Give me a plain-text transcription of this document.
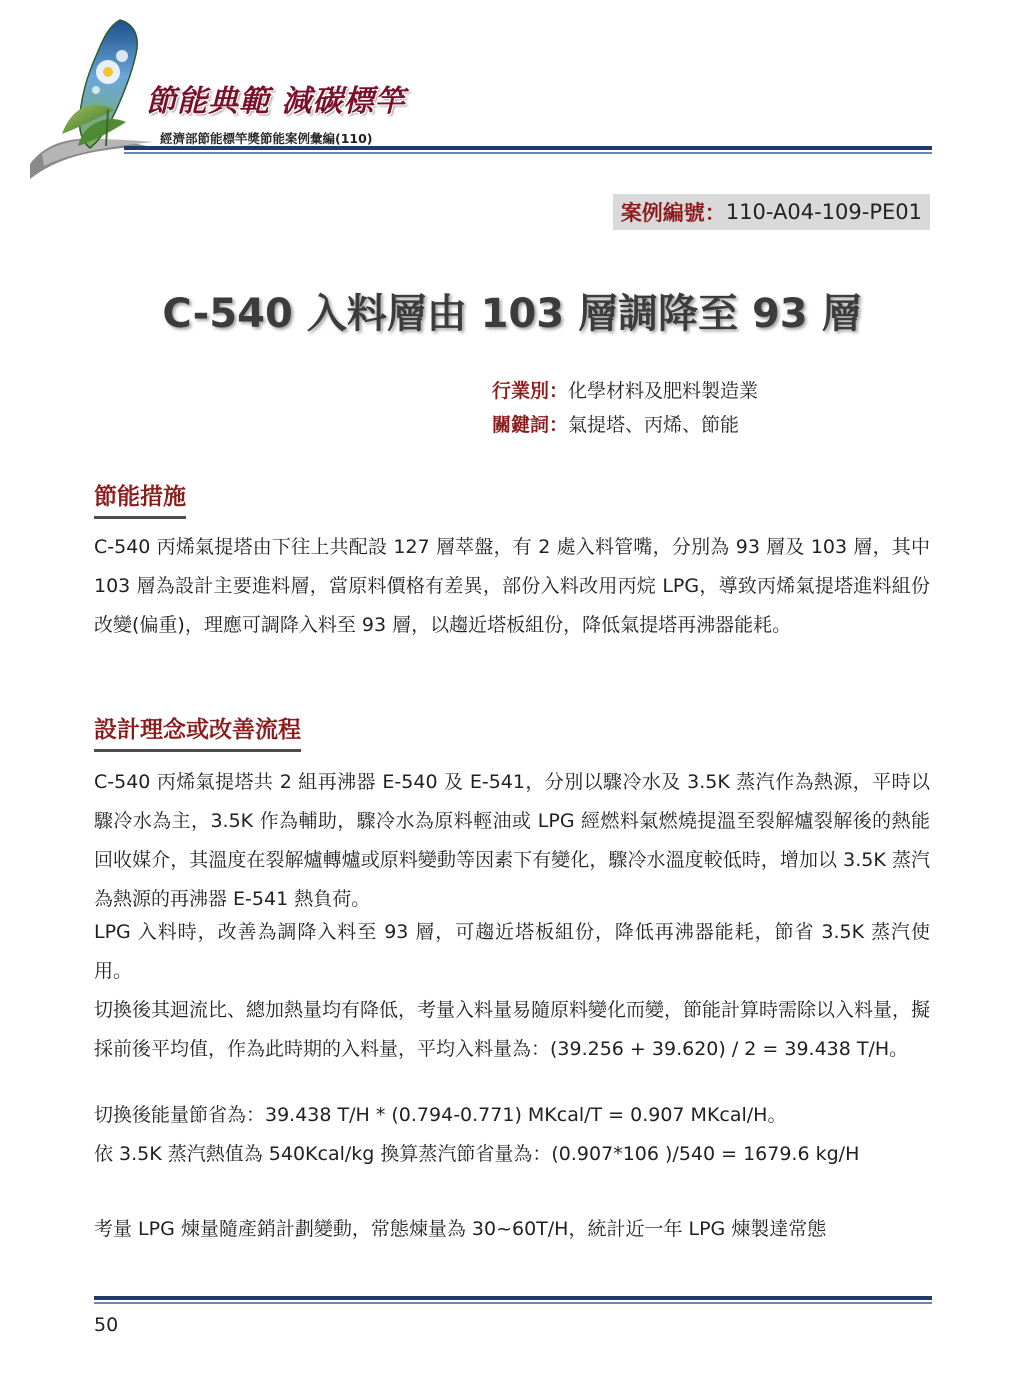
節能典範 減碳標竿
經濟部節能標竿獎節能案例彙編(110)
案例編號： 110-A04-109-PE01
C-540 入料層由 103 層調降至 93 層
行業別：化學材料及肥料製造業
關鍵詞：氣提塔、丙烯、節能
節能措施

C-540 丙烯氣提塔由下往上共配設 127 層萃盤，有 2 處入料管嘴，分別為 93 層及 103 層，其中 103 層為設計主要進料層，當原料價格有差異，部份入料改用丙烷 LPG，導致丙烯氣提塔進料組份改變(偏重)，理應可調降入料至 93 層，以趨近塔板組份，降低氣提塔再沸器能耗。

設計理念或改善流程

C-540 丙烯氣提塔共 2 組再沸器 E-540 及 E-541，分別以驟冷水及 3.5K 蒸汽作為熱源，平時以驟冷水為主，3.5K 作為輔助，驟冷水為原料輕油或 LPG 經燃料氣燃燒提溫至裂解爐裂解後的熱能回收媒介，其溫度在裂解爐轉爐或原料變動等因素下有變化，驟冷水溫度較低時，增加以 3.5K 蒸汽為熱源的再沸器 E-541 熱負荷。

LPG 入料時，改善為調降入料至 93 層，可趨近塔板組份，降低再沸器能耗，節省 3.5K 蒸汽使用。

切換後其迴流比、總加熱量均有降低，考量入料量易隨原料變化而變，節能計算時需除以入料量，擬採前後平均值，作為此時期的入料量，平均入料量為：(39.256 + 39.620) / 2 = 39.438 T/H。

切換後能量節省為：39.438 T/H * (0.794-0.771) MKcal/T = 0.907 MKcal/H。

依 3.5K 蒸汽熱值為 540Kcal/kg 換算蒸汽節省量為：(0.907*106 )/540 = 1679.6 kg/H

考量 LPG 煉量隨產銷計劃變動，常態煉量為 30~60T/H，統計近一年 LPG 煉製達常態

50
